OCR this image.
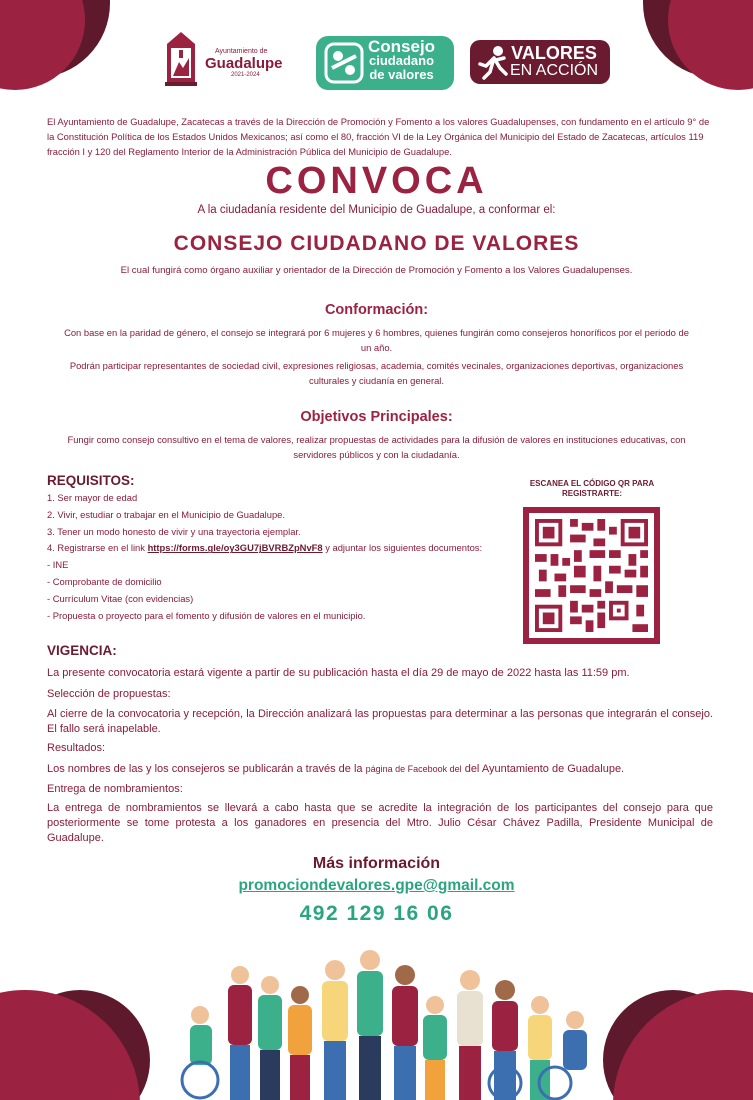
Ayuntamiento de
Guadalupe
2021-2024
Consejo
ciudadano
de valores
VALORES
EN ACCIÓN

El Ayuntamiento de Guadalupe, Zacatecas a través de la Dirección de Promoción y Fomento a los valores Guadalupenses, con fundamento en el artículo 9° de la Constitución Política de los Estados Unidos Mexicanos; así como el 80, fracción VI de la Ley Orgánica del Municipio del Estado de Zacatecas, artículos 119 fracción I y 120 del Reglamento Interior de la Administración Pública del Municipio de Guadalupe.

CONVOCA
A la ciudadanía residente del Municipio de Guadalupe, a conformar el:
CONSEJO CIUDADANO DE VALORES
El cual fungirá como órgano auxiliar y orientador de la Dirección de Promoción y Fomento a los Valores Guadalupenses.
Conformación:

Con base en la paridad de género, el consejo se integrará por 6 mujeres y 6 hombres, quienes fungirán como consejeros honoríficos por el periodo de un año.

Podrán participar representantes de sociedad civil, expresiones religiosas, academia, comités vecinales, organizaciones deportivas, organizaciones culturales y ciudanía en general.

Objetivos Principales:

Fungir como consejo consultivo en el tema de valores, realizar propuestas de actividades para la difusión de valores en instituciones educativas, con servidores públicos y con la ciudadanía.

REQUISITOS:
1. Ser mayor de edad
2. Vivir, estudiar o trabajar en el Municipio de Guadalupe.
3. Tener un modo honesto de vivir y una trayectoria ejemplar.
4. Registrarse en el link https://forms.gle/oy3GU7jBVRBZpNvF8 y adjuntar los siguientes documentos:
- INE
- Comprobante de domicilio
- Currículum Vitae (con evidencias)
- Propuesta o proyecto para el fomento y difusión de valores en el municipio.
ESCANEA EL CÓDIGO QR PARA REGISTRARTE:
VIGENCIA:

La presente convocatoria estará vigente a partir de su publicación hasta el día 29 de mayo de 2022 hasta las 11:59 pm.

Selección de propuestas:

Al cierre de la convocatoria y recepción, la Dirección analizará las propuestas para determinar a las personas que integrarán el consejo. El fallo será inapelable.

Resultados:

Los nombres de las y los consejeros se publicarán a través de la página de Facebook del del Ayuntamiento de Guadalupe.

Entrega de nombramientos:

La entrega de nombramientos se llevará a cabo hasta que se acredite la integración de los participantes del consejo para que posteriormente se tome protesta a los ganadores en presencia del Mtro. Julio César Chávez Padilla, Presidente Municipal de Guadalupe.

Más información
promociondevalores.gpe@gmail.com
492 129 16 06
